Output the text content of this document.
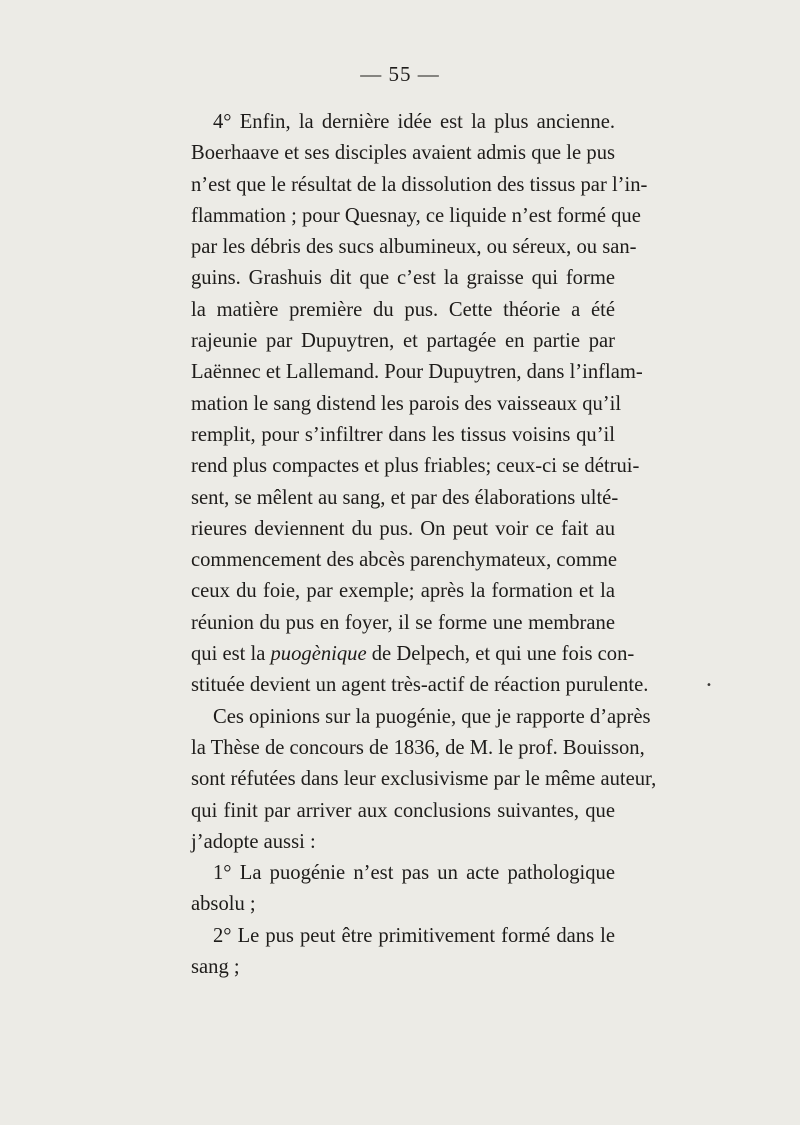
— 55 —
4° Enfin, la dernière idée est la plus ancienne.
Boerhaave et ses disciples avaient admis que le pus
n’est que le résultat de la dissolution des tissus par l’in-
flammation ; pour Quesnay, ce liquide n’est formé que
par les débris des sucs albumineux, ou séreux, ou san-
guins. Grashuis dit que c’est la graisse qui forme
la matière première du pus. Cette théorie a été
rajeunie par Dupuytren, et partagée en partie par
Laënnec et Lallemand. Pour Dupuytren, dans l’inflam-
mation le sang distend les parois des vaisseaux qu’il
remplit, pour s’infiltrer dans les tissus voisins qu’il
rend plus compactes et plus friables; ceux-ci se détrui-
sent, se mêlent au sang, et par des élaborations ulté-
rieures deviennent du pus. On peut voir ce fait au
commencement des abcès parenchymateux, comme
ceux du foie, par exemple; après la formation et la
réunion du pus en foyer, il se forme une membrane
qui est la puogènique de Delpech, et qui une fois con-
stituée devient un agent très-actif de réaction purulente.
Ces opinions sur la puogénie, que je rapporte d’après
la Thèse de concours de 1836, de M. le prof. Bouisson,
sont réfutées dans leur exclusivisme par le même auteur,
qui finit par arriver aux conclusions suivantes, que
j’adopte aussi :
1° La puogénie n’est pas un acte pathologique
absolu ;
2° Le pus peut être primitivement formé dans le
sang ;
•
